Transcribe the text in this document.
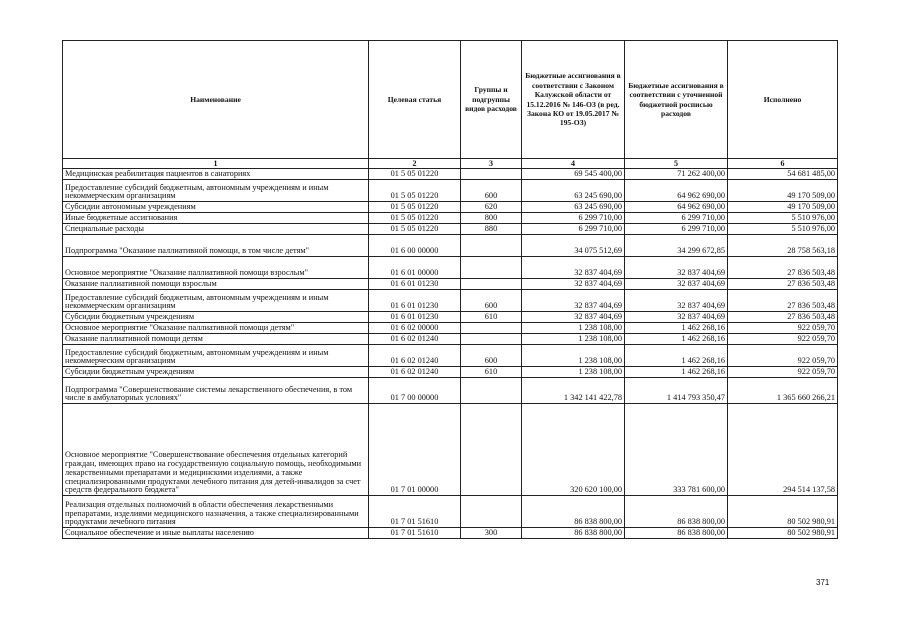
Наименование	Целевая статья	Группы и подгруппы видов расходов	Бюджетные ассигнования в соответствии с Законом Калужской области от 15.12.2016 № 146-ОЗ (в ред. Закона КО от 19.05.2017 № 195-ОЗ)	Бюджетные ассигнования в соответствии с уточненной бюджетной росписью расходов	Исполнено
1	2	3	4	5	6
Медицинская реабилитация пациентов в санаториях	01 5 05 01220		69 545 400,00	71 262 400,00	54 681 485,00
Предоставление субсидий бюджетным, автономным учреждениям и иным некоммерческим организациям	01 5 05 01220	600	63 245 690,00	64 962 690,00	49 170 509,00
Субсидии автономным учреждениям	01 5 05 01220	620	63 245 690,00	64 962 690,00	49 170 509,00
Иные бюджетные ассигнования	01 5 05 01220	800	6 299 710,00	6 299 710,00	5 510 976,00
Специальные расходы	01 5 05 01220	880	6 299 710,00	6 299 710,00	5 510 976,00
Подпрограмма "Оказание паллиативной помощи, в том числе детям"	01 6 00 00000		34 075 512,69	34 299 672,85	28 758 563,18
Основное мероприятие "Оказание паллиативной помощи взрослым"	01 6 01 00000		32 837 404,69	32 837 404,69	27 836 503,48
Оказание паллиативной помощи взрослым	01 6 01 01230		32 837 404,69	32 837 404,69	27 836 503,48
Предоставление субсидий бюджетным, автономным учреждениям и иным некоммерческим организациям	01 6 01 01230	600	32 837 404,69	32 837 404,69	27 836 503,48
Субсидии бюджетным учреждениям	01 6 01 01230	610	32 837 404,69	32 837 404,69	27 836 503,48
Основное мероприятие "Оказание паллиативной помощи детям"	01 6 02 00000		1 238 108,00	1 462 268,16	922 059,70
Оказание паллиативной помощи детям	01 6 02 01240		1 238 108,00	1 462 268,16	922 059,70
Предоставление субсидий бюджетным, автономным учреждениям и иным некоммерческим организациям	01 6 02 01240	600	1 238 108,00	1 462 268,16	922 059,70
Субсидии бюджетным учреждениям	01 6 02 01240	610	1 238 108,00	1 462 268,16	922 059,70
Подпрограмма "Совершенствование системы лекарственного обеспечения, в том числе в амбулаторных условиях"	01 7 00 00000		1 342 141 422,78	1 414 793 350,47	1 365 660 266,21
Основное мероприятие "Совершенствование обеспечения отдельных категорий граждан, имеющих право на государственную социальную помощь, необходимыми лекарственными препаратами и медицинскими изделиями, а также специализированными продуктами лечебного питания для детей-инвалидов за счет средств федерального бюджета"	01 7 01 00000		320 620 100,00	333 781 600,00	294 514 137,58
Реализация отдельных полномочий в области обеспечения лекарственными препаратами, изделиями медицинского назначения, а также специализированными продуктами лечебного питания	01 7 01 51610		86 838 800,00	86 838 800,00	80 502 980,91
Социальное обеспечение и иные выплаты населению	01 7 01 51610	300	86 838 800,00	86 838 800,00	80 502 980,91
371
